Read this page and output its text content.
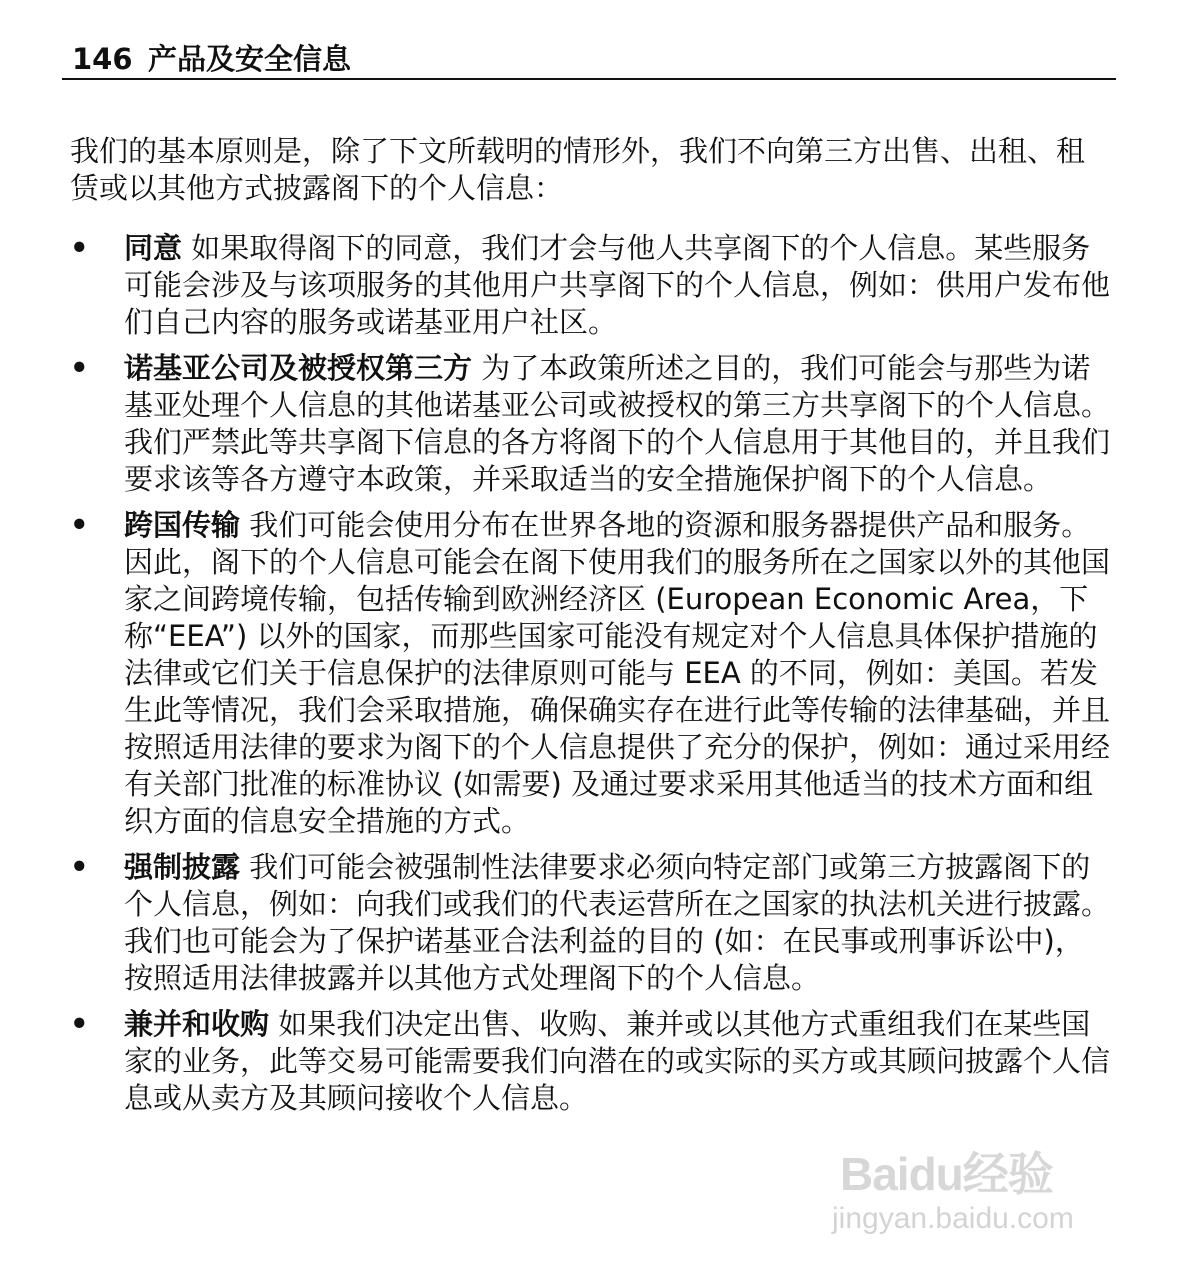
146 产品及安全信息

我们的基本原则是，除了下文所载明的情形外，我们不向第三方出售、出租、租赁或以其他方式披露阁下的个人信息：

• 同意 如果取得阁下的同意，我们才会与他人共享阁下的个人信息。某些服务可能会涉及与该项服务的其他用户共享阁下的个人信息，例如：供用户发布他们自己内容的服务或诺基亚用户社区。
• 诺基亚公司及被授权第三方 为了本政策所述之目的，我们可能会与那些为诺基亚处理个人信息的其他诺基亚公司或被授权的第三方共享阁下的个人信息。我们严禁此等共享阁下信息的各方将阁下的个人信息用于其他目的，并且我们要求该等各方遵守本政策，并采取适当的安全措施保护阁下的个人信息。
• 跨国传输 我们可能会使用分布在世界各地的资源和服务器提供产品和服务。因此，阁下的个人信息可能会在阁下使用我们的服务所在之国家以外的其他国家之间跨境传输，包括传输到欧洲经济区 (European Economic Area，下称“EEA”) 以外的国家，而那些国家可能没有规定对个人信息具体保护措施的法律或它们关于信息保护的法律原则可能与 EEA 的不同，例如：美国。若发生此等情况，我们会采取措施，确保确实存在进行此等传输的法律基础，并且按照适用法律的要求为阁下的个人信息提供了充分的保护，例如：通过采用经有关部门批准的标准协议 (如需要) 及通过要求采用其他适当的技术方面和组织方面的信息安全措施的方式。
• 强制披露 我们可能会被强制性法律要求必须向特定部门或第三方披露阁下的个人信息，例如：向我们或我们的代表运营所在之国家的执法机关进行披露。我们也可能会为了保护诺基亚合法利益的目的 (如：在民事或刑事诉讼中)，按照适用法律披露并以其他方式处理阁下的个人信息。
• 兼并和收购 如果我们决定出售、收购、兼并或以其他方式重组我们在某些国家的业务，此等交易可能需要我们向潜在的或实际的买方或其顾问披露个人信息或从卖方及其顾问接收个人信息。
Baidu经验
jingyan.baidu.com
